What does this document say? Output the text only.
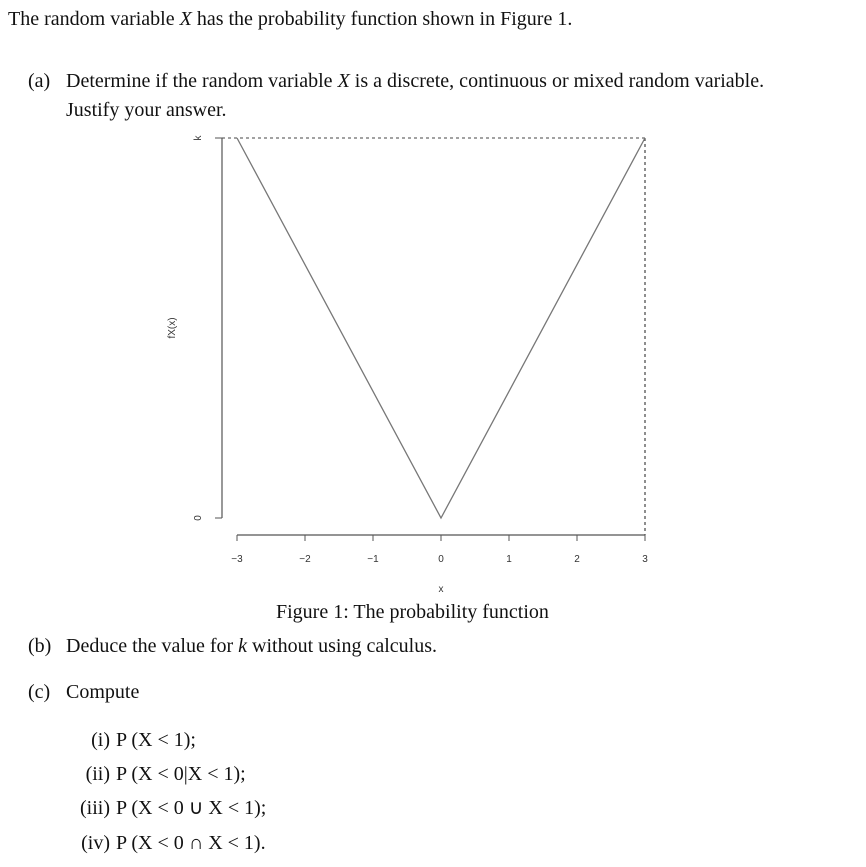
The random variable X has the probability function shown in Figure 1.
(a) Determine if the random variable X is a discrete, continuous or mixed random variable.
Justify your answer.
0
k
fX(x)
−3	−2	−1	0	1	2	3
x
Figure 1: The probability function
(b) Deduce the value for k without using calculus.
(c) Compute
(i) P (X < 1);
(ii) P (X < 0|X < 1);
(iii) P (X < 0 ∪ X < 1);
(iv) P (X < 0 ∩ X < 1).
